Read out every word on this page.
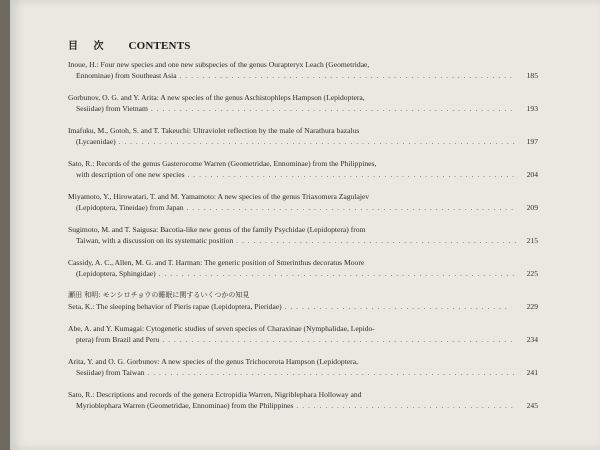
目 次 CONTENTS
Inoue, H.: Four new species and one new subspecies of the genus Ourapteryx Leach (Geometridae,
Ennominae) from Southeast Asia . . .	185
Gorbunov, O. G. and Y. Arita: A new species of the genus Aschistophleps Hampson (Lepidoptera,
Sesiidae) from Vietnam . . .	193
Imafuku, M., Gotoh, S. and T. Takeuchi: Ultraviolet reflection by the male of Narathura bazalus
(Lycaenidae) . . .	197
Sato, R.: Records of the genus Gasterocome Warren (Geometridae, Ennominae) from the Philippines,
with description of one new species . . .	204
Miyamoto, Y., Hirowatari, T. and M. Yamamoto: A new species of the genus Triaxomera Zagulajev
(Lepidoptera, Tineidae) from Japan . . .	209
Sugimoto, M. and T. Saigusa: Bacotia-like new genus of the family Psychidae (Lepidoptera) from
Taiwan, with a discussion on its systematic position . . .	215
Cassidy, A. C., Allen, M. G. and T. Harman: The generic position of Smerinthus decoratus Moore
(Lepidoptera, Sphingidae) . . .	225
瀬田 和明: モンシロチョウの睡眠に関するいくつかの知見
Seta, K.: The sleeping behavior of Pieris rapae (Lepidoptera, Pieridae) . . .	229
Abe, A. and Y. Kumagai: Cytogenetic studies of seven species of Charaxinae (Nymphalidae, Lepido-
ptera) from Brazil and Peru . . .	234
Arita, Y. and O. G. Gorbunov: A new species of the genus Trichocerota Hampson (Lepidoptera,
Sesiidae) from Taiwan . . .	241
Sato, R.: Descriptions and records of the genera Ectropidia Warren, Nigriblephara Holloway and
Myrioblephara Warren (Geometridae, Ennominae) from the Philippines . . .	245
